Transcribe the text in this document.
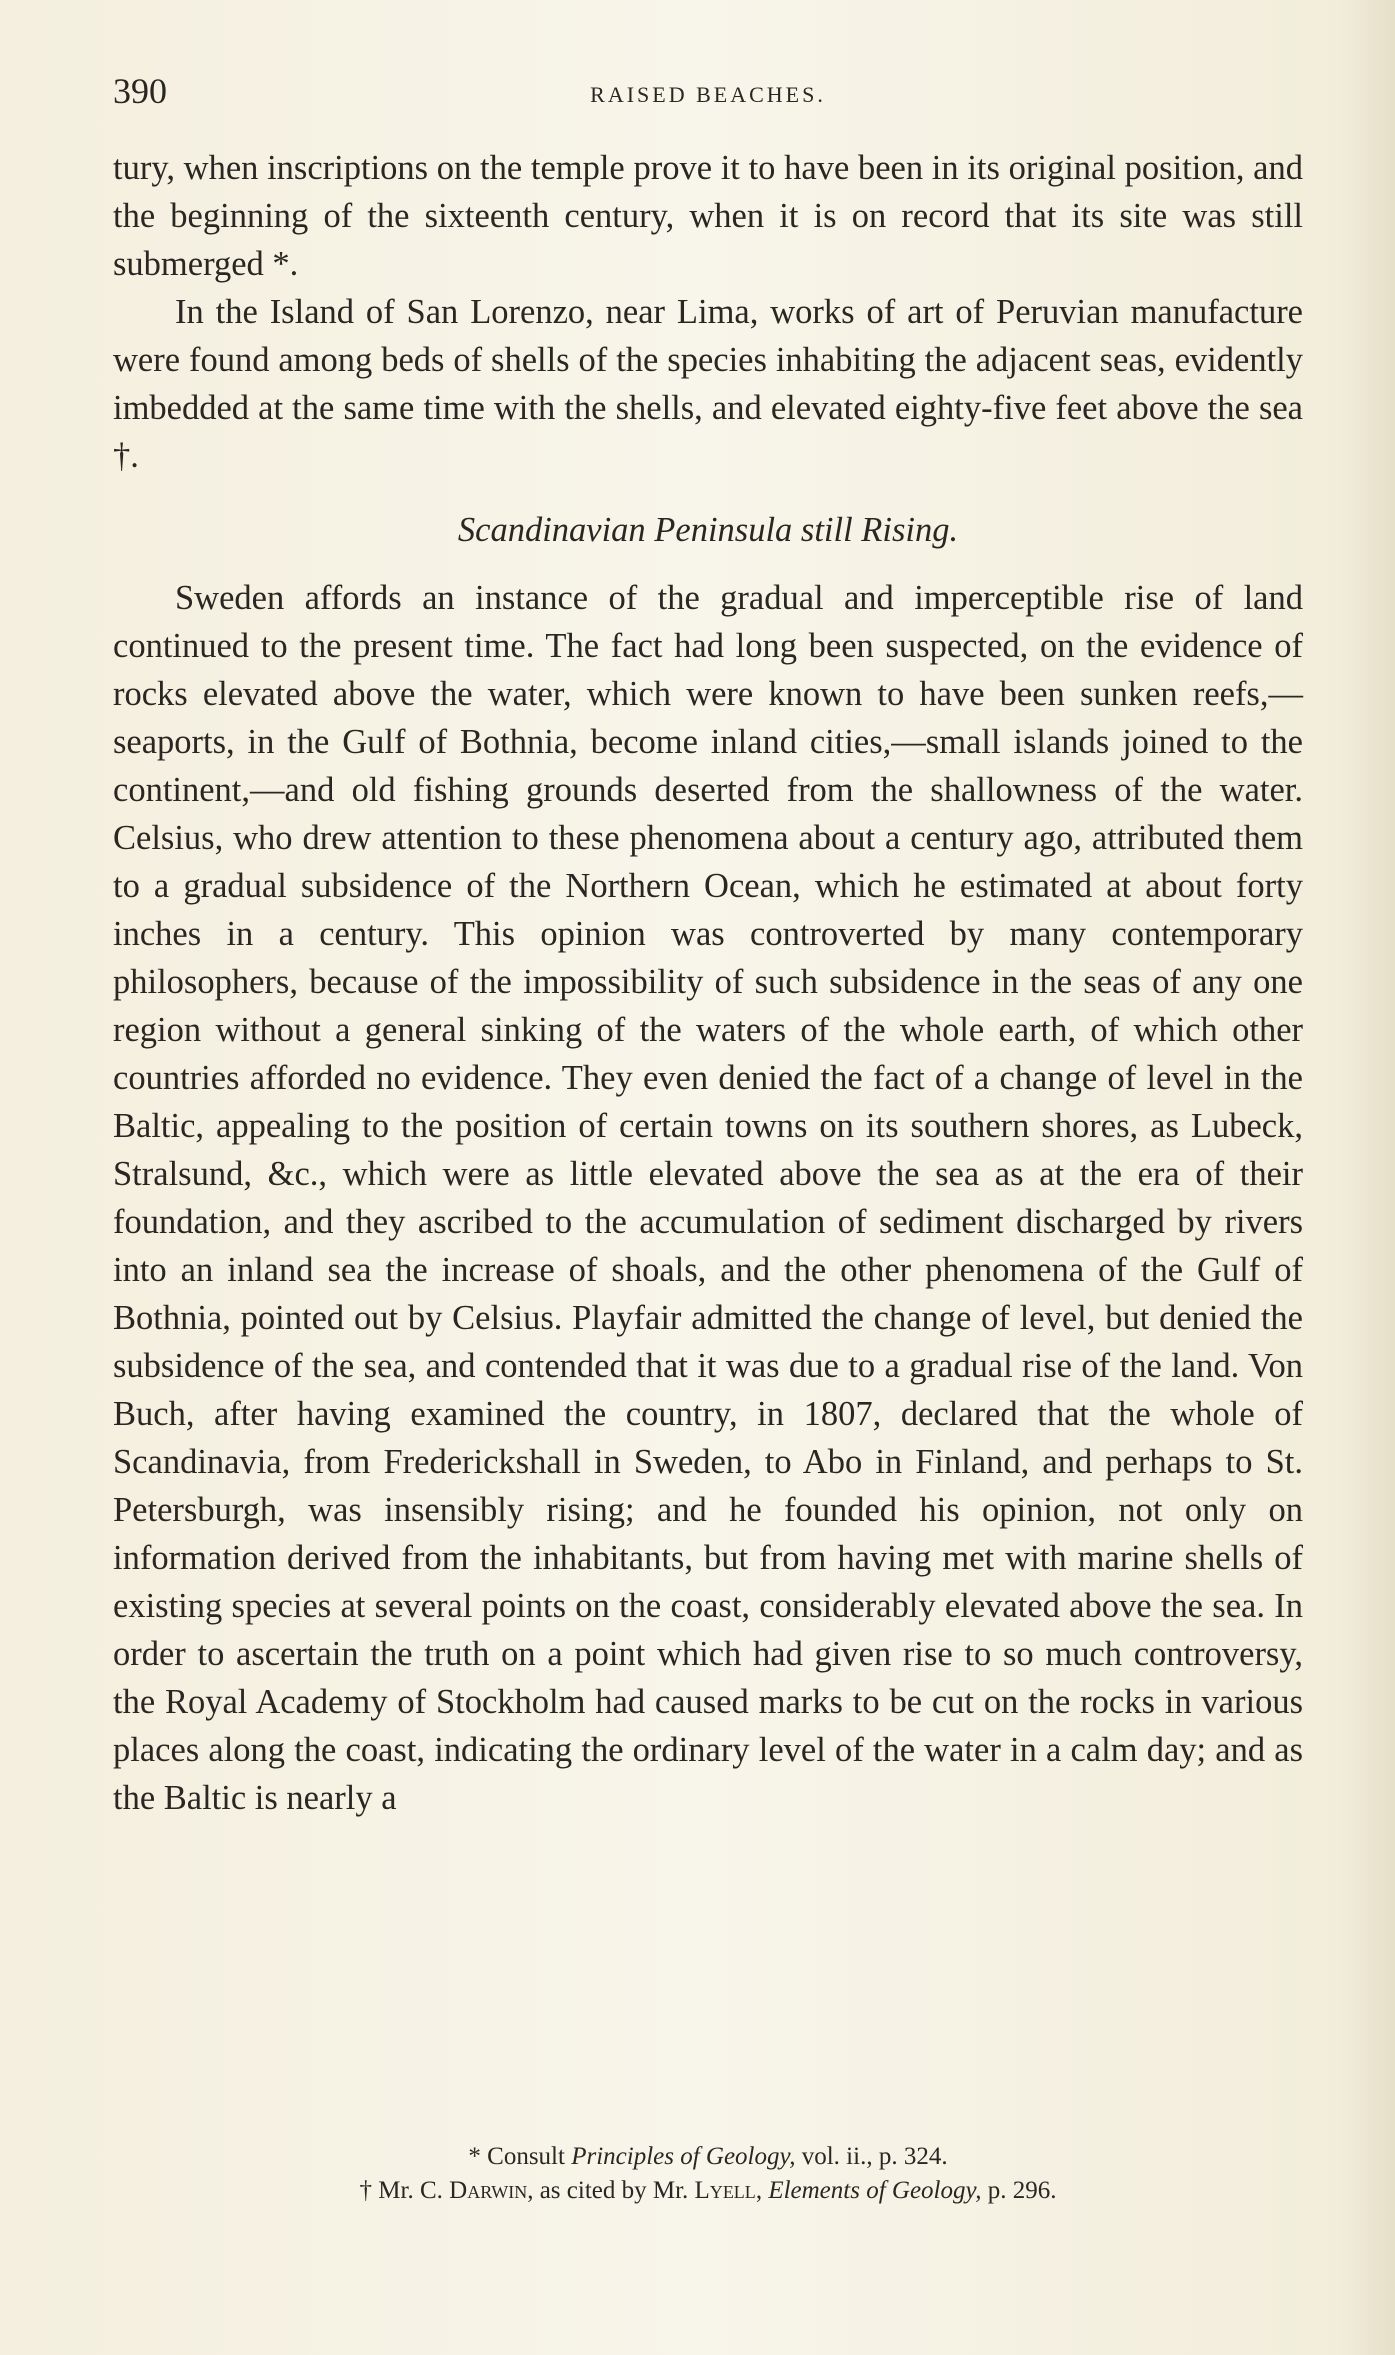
390	RAISED BEACHES.

tury, when inscriptions on the temple prove it to have been in its original position, and the beginning of the sixteenth century, when it is on record that its site was still submerged *.

In the Island of San Lorenzo, near Lima, works of art of Peruvian manufacture were found among beds of shells of the species inhabiting the adjacent seas, evidently imbedded at the same time with the shells, and elevated eighty-five feet above the sea †.

Scandinavian Peninsula still Rising.

Sweden affords an instance of the gradual and imperceptible rise of land continued to the present time. The fact had long been suspected, on the evidence of rocks elevated above the water, which were known to have been sunken reefs,—seaports, in the Gulf of Bothnia, become inland cities,—small islands joined to the continent,—and old fishing grounds deserted from the shallowness of the water. Celsius, who drew attention to these phenomena about a century ago, attributed them to a gradual subsidence of the Northern Ocean, which he estimated at about forty inches in a century. This opinion was controverted by many contemporary philosophers, because of the impossibility of such subsidence in the seas of any one region without a general sinking of the waters of the whole earth, of which other countries afforded no evidence. They even denied the fact of a change of level in the Baltic, appealing to the position of certain towns on its southern shores, as Lubeck, Stralsund, &c., which were as little elevated above the sea as at the era of their foundation, and they ascribed to the accumulation of sediment discharged by rivers into an inland sea the increase of shoals, and the other phenomena of the Gulf of Bothnia, pointed out by Celsius. Playfair admitted the change of level, but denied the subsidence of the sea, and contended that it was due to a gradual rise of the land. Von Buch, after having examined the country, in 1807, declared that the whole of Scandinavia, from Frederickshall in Sweden, to Abo in Finland, and perhaps to St. Petersburgh, was insensibly rising; and he founded his opinion, not only on information derived from the inhabitants, but from having met with marine shells of existing species at several points on the coast, considerably elevated above the sea. In order to ascertain the truth on a point which had given rise to so much controversy, the Royal Academy of Stockholm had caused marks to be cut on the rocks in various places along the coast, indicating the ordinary level of the water in a calm day; and as the Baltic is nearly a

* Consult Principles of Geology, vol. ii., p. 324.
† Mr. C. Darwin, as cited by Mr. Lyell, Elements of Geology, p. 296.
